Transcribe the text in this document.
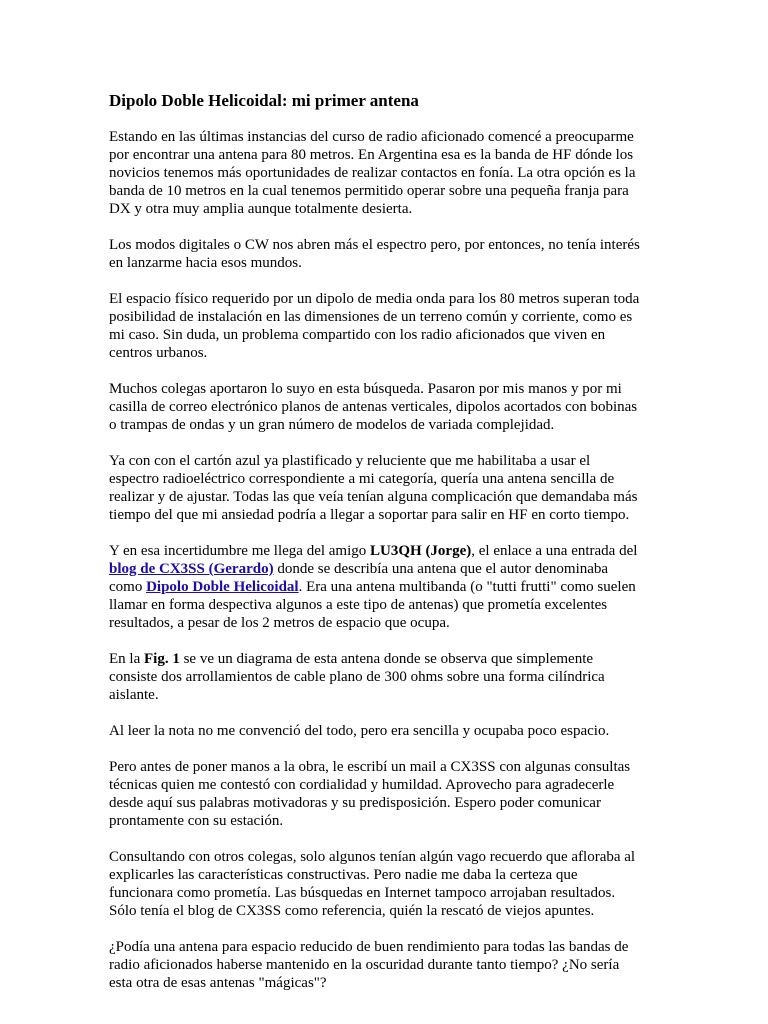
Dipolo Doble Helicoidal: mi primer antena
Estando en las últimas instancias del curso de radio aficionado comencé a preocuparme
por encontrar una antena para 80 metros. En Argentina esa es la banda de HF dónde los
novicios tenemos más oportunidades de realizar contactos en fonía. La otra opción es la
banda de 10 metros en la cual tenemos permitido operar sobre una pequeña franja para
DX y otra muy amplia aunque totalmente desierta.
Los modos digitales o CW nos abren más el espectro pero, por entonces, no tenía interés
en lanzarme hacia esos mundos.
El espacio físico requerido por un dipolo de media onda para los 80 metros superan toda
posibilidad de instalación en las dimensiones de un terreno común y corriente, como es
mi caso. Sin duda, un problema compartido con los radio aficionados que viven en
centros urbanos.
Muchos colegas aportaron lo suyo en esta búsqueda. Pasaron por mis manos y por mi
casilla de correo electrónico planos de antenas verticales, dipolos acortados con bobinas
o trampas de ondas y un gran número de modelos de variada complejidad.
Ya con con el cartón azul ya plastificado y reluciente que me habilitaba a usar el
espectro radioeléctrico correspondiente a mi categoría, quería una antena sencilla de
realizar y de ajustar. Todas las que veía tenían alguna complicación que demandaba más
tiempo del que mi ansiedad podría a llegar a soportar para salir en HF en corto tiempo.
Y en esa incertidumbre me llega del amigo LU3QH (Jorge), el enlace a una entrada del
blog de CX3SS (Gerardo) donde se describía una antena que el autor denominaba
como Dipolo Doble Helicoidal. Era una antena multibanda (o "tutti frutti" como suelen
llamar en forma despectiva algunos a este tipo de antenas) que prometía excelentes
resultados, a pesar de los 2 metros de espacio que ocupa.
En la Fig. 1 se ve un diagrama de esta antena donde se observa que simplemente
consiste dos arrollamientos de cable plano de 300 ohms sobre una forma cilíndrica
aislante.
Al leer la nota no me convenció del todo, pero era sencilla y ocupaba poco espacio.
Pero antes de poner manos a la obra, le escribí un mail a CX3SS con algunas consultas
técnicas quien me contestó con cordialidad y humildad. Aprovecho para agradecerle
desde aquí sus palabras motivadoras y su predisposición. Espero poder comunicar
prontamente con su estación.
Consultando con otros colegas, solo algunos tenían algún vago recuerdo que afloraba al
explicarles las características constructivas. Pero nadie me daba la certeza que
funcionara como prometía. Las búsquedas en Internet tampoco arrojaban resultados.
Sólo tenía el blog de CX3SS como referencia, quién la rescató de viejos apuntes.
¿Podía una antena para espacio reducido de buen rendimiento para todas las bandas de
radio aficionados haberse mantenido en la oscuridad durante tanto tiempo? ¿No sería
esta otra de esas antenas "mágicas"?
